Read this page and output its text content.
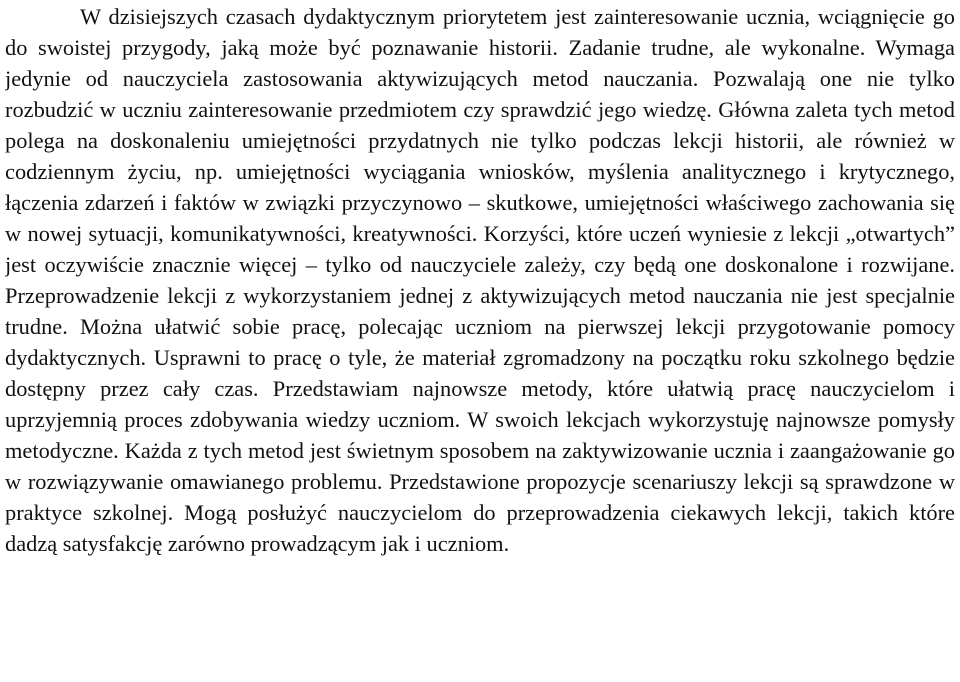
W dzisiejszych czasach dydaktycznym priorytetem jest zainteresowanie ucznia, wciągnięcie go do swoistej przygody, jaką może być poznawanie historii. Zadanie trudne, ale wykonalne. Wymaga jedynie od nauczyciela zastosowania aktywizujących metod nauczania. Pozwalają one nie tylko rozbudzić w uczniu zainteresowanie przedmiotem czy sprawdzić jego wiedzę. Główna zaleta tych metod polega na doskonaleniu umiejętności przydatnych nie tylko podczas lekcji historii, ale również w codziennym życiu, np. umiejętności wyciągania wniosków, myślenia analitycznego i krytycznego, łączenia zdarzeń i faktów w związki przyczynowo – skutkowe, umiejętności właściwego zachowania się w nowej sytuacji, komunikatywności, kreatywności. Korzyści, które uczeń wyniesie z lekcji „otwartych” jest oczywiście znacznie więcej – tylko od nauczyciele zależy, czy będą one doskonalone i rozwijane. Przeprowadzenie lekcji z wykorzystaniem jednej z aktywizujących metod nauczania nie jest specjalnie trudne. Można ułatwić sobie pracę, polecając uczniom na pierwszej lekcji przygotowanie pomocy dydaktycznych. Usprawni to pracę o tyle, że materiał zgromadzony na początku roku szkolnego będzie dostępny przez cały czas. Przedstawiam najnowsze metody, które ułatwią pracę nauczycielom i uprzyjemnią proces zdobywania wiedzy uczniom. W swoich lekcjach wykorzystuję najnowsze pomysły metodyczne. Każda z tych metod jest świetnym sposobem na zaktywizowanie ucznia i zaangażowanie go w rozwiązywanie omawianego problemu. Przedstawione propozycje scenariuszy lekcji są sprawdzone w praktyce szkolnej. Mogą posłużyć nauczycielom do przeprowadzenia ciekawych lekcji, takich które dadzą satysfakcję zarówno prowadzącym jak i uczniom.
